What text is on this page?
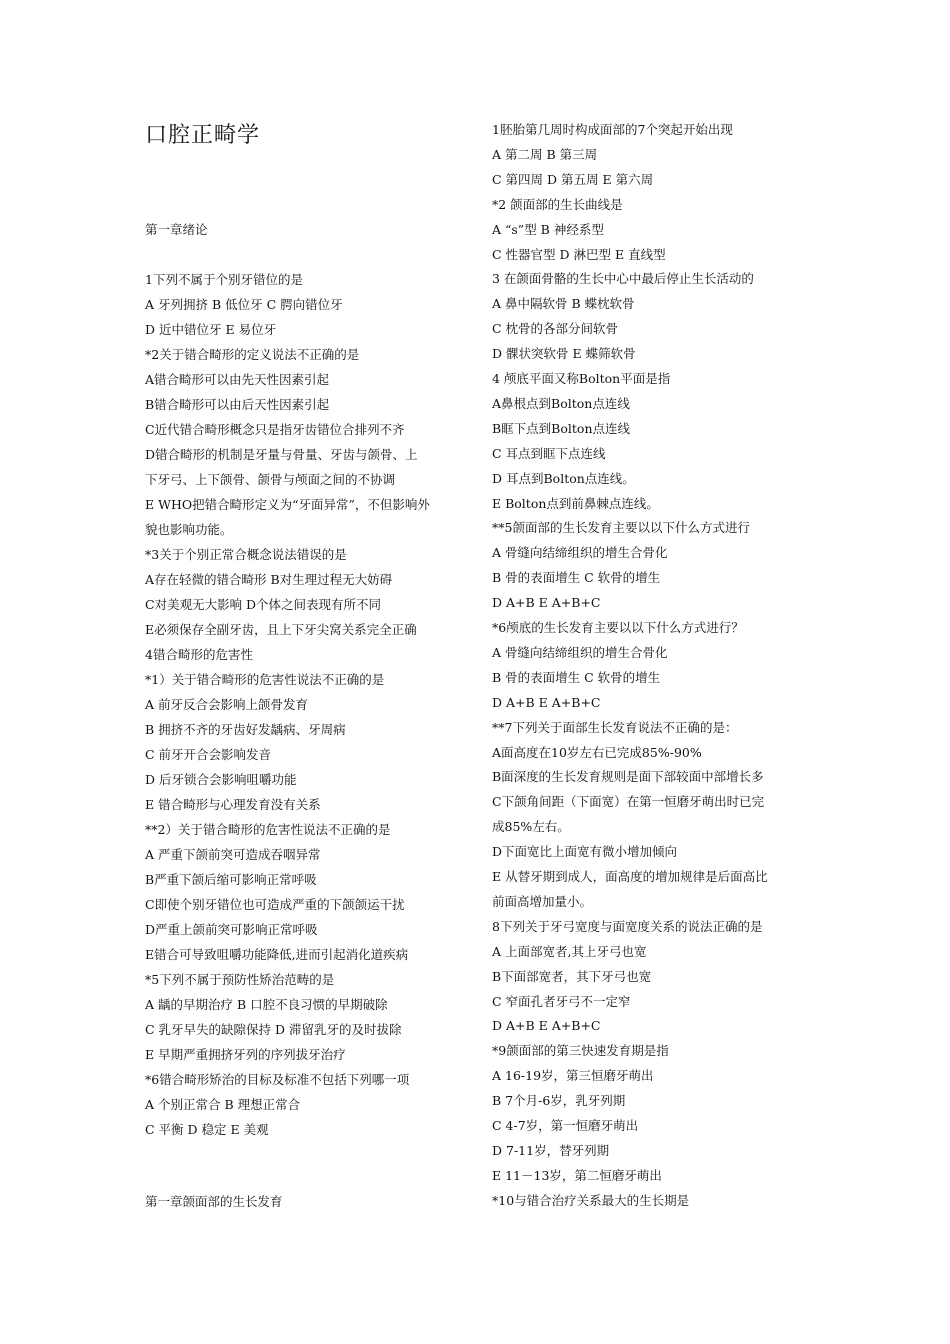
口腔正畸学
第一章绪论
1下列不属于个别牙错位的是
A 牙列拥挤 B 低位牙 C 腭向错位牙
D 近中错位牙 E 易位牙
*2关于错合畸形的定义说法不正确的是
A错合畸形可以由先天性因素引起
B错合畸形可以由后天性因素引起
C近代错合畸形概念只是指牙齿错位合排列不齐
D错合畸形的机制是牙量与骨量、牙齿与颌骨、上
下牙弓、上下颌骨、颌骨与颅面之间的不协调
E WHO把错合畸形定义为“牙面异常”，不但影响外
貌也影响功能。
*3关于个别正常合概念说法错误的是
A存在轻微的错合畸形 B对生理过程无大妨碍
C对美观无大影响 D个体之间表现有所不同
E必须保存全副牙齿，且上下牙尖窝关系完全正确
4错合畸形的危害性
*1）关于错合畸形的危害性说法不正确的是
A 前牙反合会影响上颌骨发育
B 拥挤不齐的牙齿好发龋病、牙周病
C 前牙开合会影响发音
D 后牙锁合会影响咀嚼功能
E 错合畸形与心理发育没有关系
**2）关于错合畸形的危害性说法不正确的是
A 严重下颌前突可造成吞咽异常
B严重下颌后缩可影响正常呼吸
C即使个别牙错位也可造成严重的下颌颌运干扰
D严重上颌前突可影响正常呼吸
E错合可导致咀嚼功能降低,进而引起消化道疾病
*5下列不属于预防性矫治范畴的是
A 龋的早期治疗 B 口腔不良习惯的早期破除
C 乳牙早失的缺隙保持 D 滞留乳牙的及时拔除
E 早期严重拥挤牙列的序列拔牙治疗
*6错合畸形矫治的目标及标准不包括下列哪一项
A 个别正常合 B 理想正常合
C 平衡 D 稳定 E 美观
第一章颌面部的生长发育
1胚胎第几周时构成面部的7个突起开始出现
A 第二周 B 第三周
C 第四周 D 第五周 E 第六周
*2 颌面部的生长曲线是
A “s”型 B 神经系型
C 性器官型 D 淋巴型 E 直线型
3 在颌面骨骼的生长中心中最后停止生长活动的
A 鼻中隔软骨 B 蝶枕软骨
C 枕骨的各部分间软骨
D 髁状突软骨 E 蝶筛软骨
4 颅底平面又称Bolton平面是指
A鼻根点到Bolton点连线
B眶下点到Bolton点连线
C 耳点到眶下点连线
D 耳点到Bolton点连线。
E Bolton点到前鼻棘点连线。
**5颌面部的生长发育主要以以下什么方式进行
A 骨缝向结缔组织的增生合骨化
B 骨的表面增生 C 软骨的增生
D A+B E A+B+C
*6颅底的生长发育主要以以下什么方式进行？
A 骨缝向结缔组织的增生合骨化
B 骨的表面增生 C 软骨的增生
D A+B E A+B+C
**7下列关于面部生长发育说法不正确的是：
A面高度在10岁左右已完成85%-90%
B面深度的生长发育规则是面下部较面中部增长多
C下颌角间距（下面宽）在第一恒磨牙萌出时已完
成85%左右。
D下面宽比上面宽有微小增加倾向
E 从替牙期到成人，面高度的增加规律是后面高比
前面高增加量小。
8下列关于牙弓宽度与面宽度关系的说法正确的是
A 上面部宽者,其上牙弓也宽
B下面部宽者，其下牙弓也宽
C 窄面孔者牙弓不一定窄
D A+B E A+B+C
*9颌面部的第三快速发育期是指
A 16-19岁，第三恒磨牙萌出
B 7个月-6岁，乳牙列期
C 4-7岁，第一恒磨牙萌出
D 7-11岁，替牙列期
E 11－13岁，第二恒磨牙萌出
*10与错合治疗关系最大的生长期是
